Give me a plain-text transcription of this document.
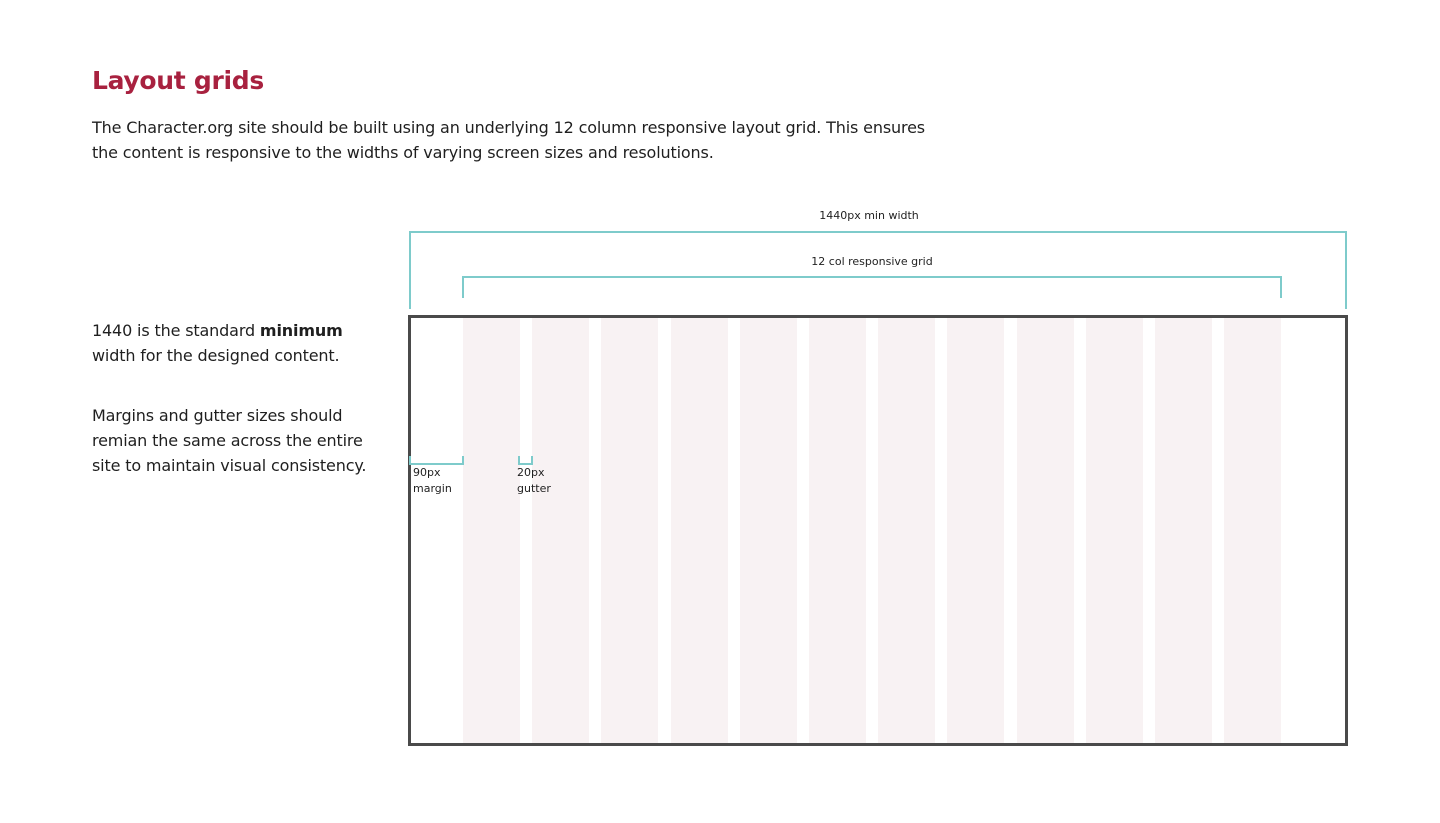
Layout grids

The Character.org site should be built using an underlying 12 column responsive layout grid. This ensures the content is responsive to the widths of varying screen sizes and resolutions.

1440 is the standard minimum width for the designed content.

Margins and gutter sizes should remian the same across the entire site to maintain visual consistency.

1440px min width
12 col responsive grid
90px
margin
20px
gutter
